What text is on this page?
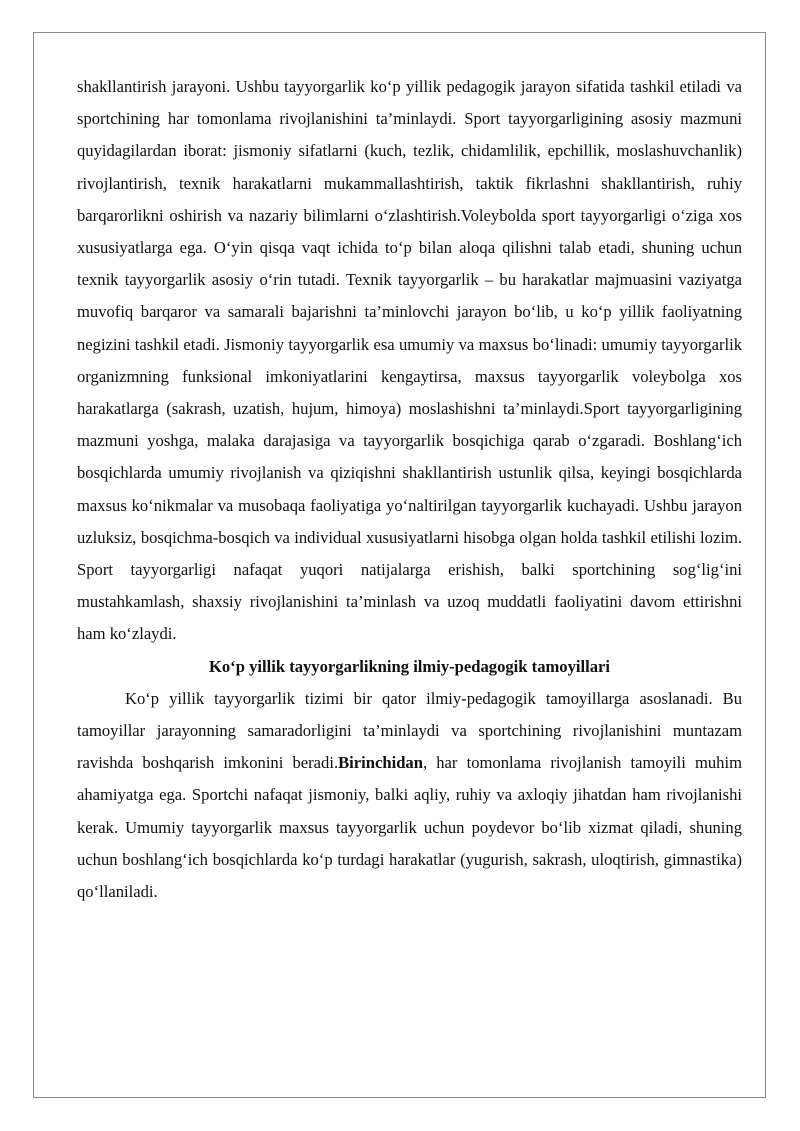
shakllantirish jarayoni. Ushbu tayyorgarlik ko‘p yillik pedagogik jarayon sifatida tashkil etiladi va sportchining har tomonlama rivojlanishini ta’minlaydi. Sport tayyorgarligining asosiy mazmuni quyidagilardan iborat: jismoniy sifatlarni (kuch, tezlik, chidamlilik, epchillik, moslashuvchanlik) rivojlantirish, texnik harakatlarni mukammallashtirish, taktik fikrlashni shakllantirish, ruhiy barqarorlikni oshirish va nazariy bilimlarni o‘zlashtirish.Voleybolda sport tayyorgarligi o‘ziga xos xususiyatlarga ega. O‘yin qisqa vaqt ichida to‘p bilan aloqa qilishni talab etadi, shuning uchun texnik tayyorgarlik asosiy o‘rin tutadi. Texnik tayyorgarlik – bu harakatlar majmuasini vaziyatga muvofiq barqaror va samarali bajarishni ta’minlovchi jarayon bo‘lib, u ko‘p yillik faoliyatning negizini tashkil etadi. Jismoniy tayyorgarlik esa umumiy va maxsus bo‘linadi: umumiy tayyorgarlik organizmning funksional imkoniyatlarini kengaytirsa, maxsus tayyorgarlik voleybolga xos harakatlarga (sakrash, uzatish, hujum, himoya) moslashishni ta’minlaydi.Sport tayyorgarligining mazmuni yoshga, malaka darajasiga va tayyorgarlik bosqichiga qarab o‘zgaradi. Boshlang‘ich bosqichlarda umumiy rivojlanish va qiziqishni shakllantirish ustunlik qilsa, keyingi bosqichlarda maxsus ko‘nikmalar va musobaqa faoliyatiga yo‘naltirilgan tayyorgarlik kuchayadi. Ushbu jarayon uzluksiz, bosqichma-bosqich va individual xususiyatlarni hisobga olgan holda tashkil etilishi lozim. Sport tayyorgarligi nafaqat yuqori natijalarga erishish, balki sportchining sog‘lig‘ini mustahkamlash, shaxsiy rivojlanishini ta’minlash va uzoq muddatli faoliyatini davom ettirishni ham ko‘zlaydi.

Ko‘p yillik tayyorgarlikning ilmiy-pedagogik tamoyillari

Ko‘p yillik tayyorgarlik tizimi bir qator ilmiy-pedagogik tamoyillarga asoslanadi. Bu tamoyillar jarayonning samaradorligini ta’minlaydi va sportchining rivojlanishini muntazam ravishda boshqarish imkonini beradi.Birinchidan, har tomonlama rivojlanish tamoyili muhim ahamiyatga ega. Sportchi nafaqat jismoniy, balki aqliy, ruhiy va axloqiy jihatdan ham rivojlanishi kerak. Umumiy tayyorgarlik maxsus tayyorgarlik uchun poydevor bo‘lib xizmat qiladi, shuning uchun boshlang‘ich bosqichlarda ko‘p turdagi harakatlar (yugurish, sakrash, uloqtirish, gimnastika) qo‘llaniladi.
